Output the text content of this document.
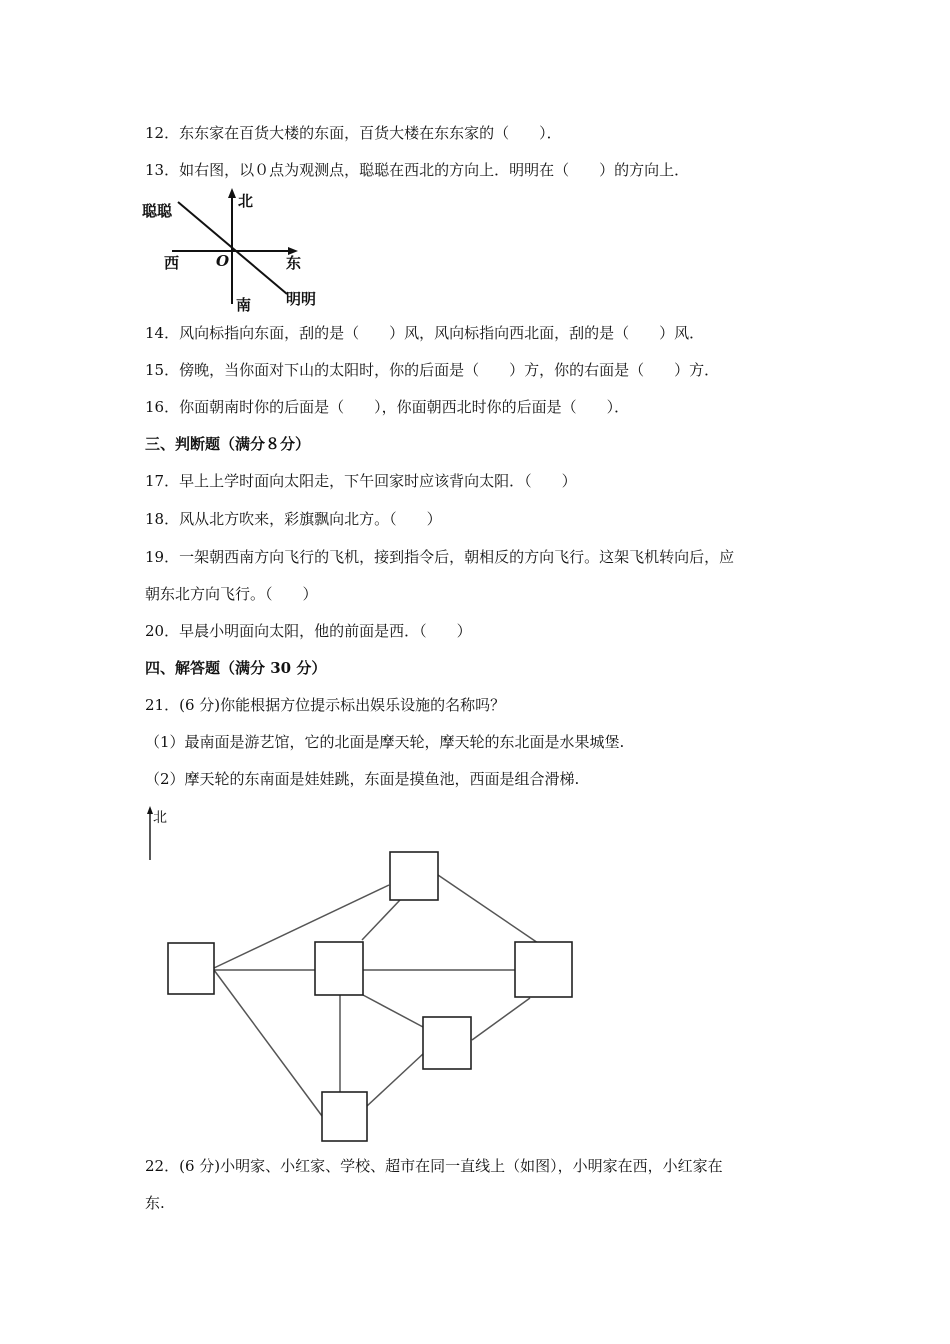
12．东东家在百货大楼的东面，百货大楼在东东家的（　　）．
13．如右图，以０点为观测点，聪聪在西北的方向上．明明在（　　）的方向上．
北
聪聪
西 O	东
南 明明
14．风向标指向东面，刮的是（　　）风，风向标指向西北面，刮的是（　　）风．
15．傍晚，当你面对下山的太阳时，你的后面是（　　）方，你的右面是（　　）方．
16．你面朝南时你的后面是（　　），你面朝西北时你的后面是（　　）．
三、判断题（满分８分）
17．早上上学时面向太阳走，下午回家时应该背向太阳．（　　）
18．风从北方吹来，彩旗飘向北方。（　　）
19．一架朝西南方向飞行的飞机，接到指令后，朝相反的方向飞行。这架飞机转向后，应
朝东北方向飞行。（　　）
20．早晨小明面向太阳，他的前面是西．（　　）
四、解答题（满分 30 分）
21．(6 分)你能根据方位提示标出娱乐设施的名称吗？
（1）最南面是游艺馆，它的北面是摩天轮，摩天轮的东北面是水果城堡.
（2）摩天轮的东南面是娃娃跳，东面是摸鱼池，西面是组合滑梯.
北
22．(6 分)小明家、小红家、学校、超市在同一直线上（如图），小明家在西，小红家在
东.
